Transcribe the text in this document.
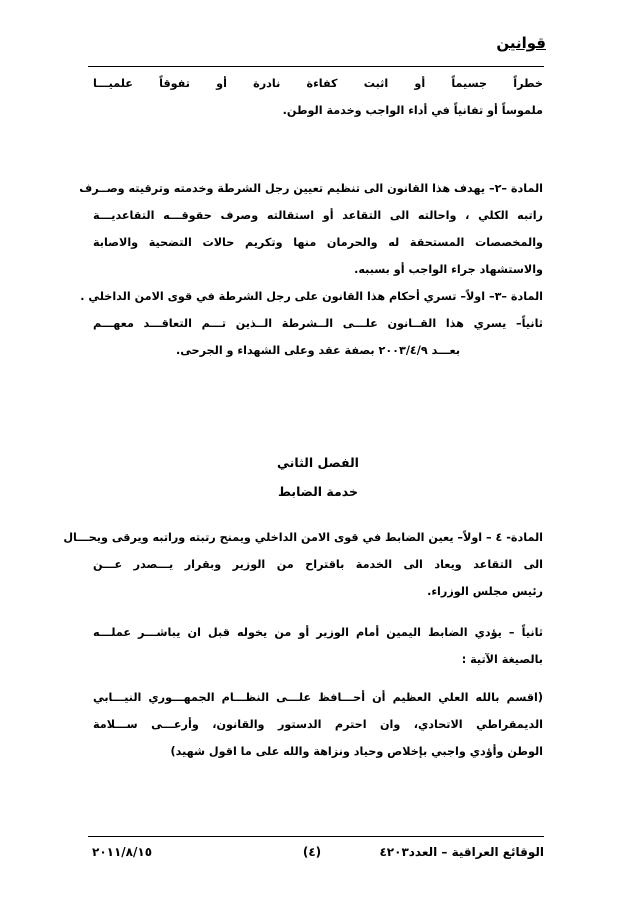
قوانين
خطراً جسيماً أو اثبت كفاءة نادرة أو تفوقاً علميـــا
ملموساً أو تفانياً في أداء الواجب وخدمة الوطن.
المادة –٢– يهدف هذا القانون الى تنظيم تعيين رجل الشرطة وخدمته وترقيته وصــرف
راتبه الكلي ، واحالته الى التقاعد أو استقالته وصرف حقوقـــه التقاعديـــة
والمخصصات المستحقة له والحرمان منها وتكريم حالات التضحية والاصابة
والاستشهاد جراء الواجب أو بسببه.
المادة –٣– اولاً– تسري أحكام هذا القانون على رجل الشرطة في قوى الامن الداخلي .
ثانياً– يسري هذا القــانون علـــى الــشرطة الــذين تـــم التعاقـــد معهـــم
بعـــد ٢٠٠٣/٤/٩ بصفة عقد وعلى الشهداء و الجرحى.
الفصل الثاني
خدمة الضابط
المادة- ٤ – اولاً– يعين الضابط في قوى الامن الداخلي ويمنح رتبته وراتبه ويرقى ويحـــال
الى التقاعد ويعاد الى الخدمة باقتراح من الوزير وبقرار يـــصدر عـــن
رئيس مجلس الوزراء.
ثانياً – يؤدي الضابط اليمين أمام الوزير أو من يخوله قبل ان يباشـــر عملـــه
بالصيغة الآتية :
(اقسم بالله العلي العظيم أن أحـــافظ علـــى النظـــام الجمهـــوري النيـــابي
الديمقراطي الاتحادي، وان احترم الدستور والقانون، وأرعـــى ســـلامة
الوطن وأؤدي واجبي بإخلاص وحياد ونزاهة والله على ما اقول شهيد)
الوقائع العراقية – العدد٤٢٠٣
(٤)
٢٠١١/٨/١٥
